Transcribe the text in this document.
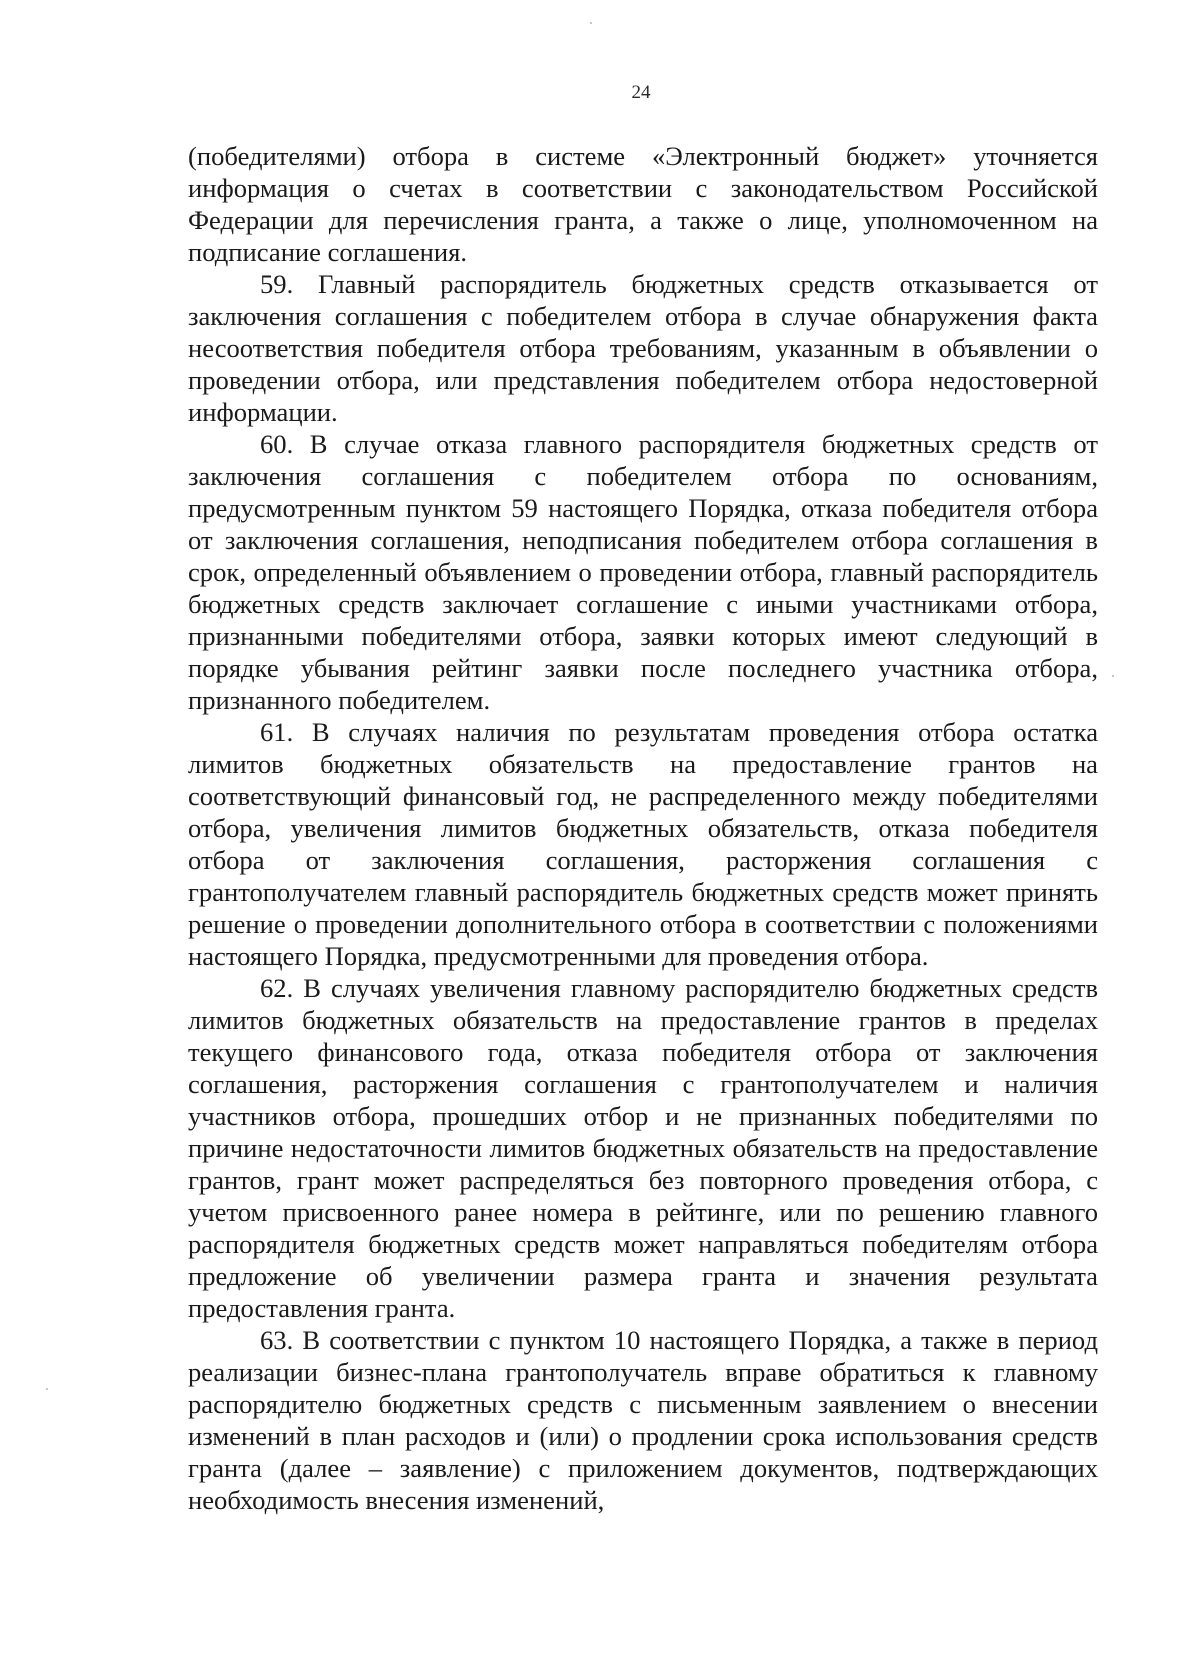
24

(победителями) отбора в системе «Электронный бюджет» уточняется информация о счетах в соответствии с законодательством Российской Федерации для перечисления гранта, а также о лице, уполномоченном на подписание соглашения.

59. Главный распорядитель бюджетных средств отказывается от заключения соглашения с победителем отбора в случае обнаружения факта несоответствия победителя отбора требованиям, указанным в объявлении о проведении отбора, или представления победителем отбора недостоверной информации.

60. В случае отказа главного распорядителя бюджетных средств от заключения соглашения с победителем отбора по основаниям, предусмотренным пунктом 59 настоящего Порядка, отказа победителя отбора от заключения соглашения, неподписания победителем отбора соглашения в срок, определенный объявлением о проведении отбора, главный распорядитель бюджетных средств заключает соглашение с иными участниками отбора, признанными победителями отбора, заявки которых имеют следующий в порядке убывания рейтинг заявки после последнего участника отбора, признанного победителем.

61. В случаях наличия по результатам проведения отбора остатка лимитов бюджетных обязательств на предоставление грантов на соответствующий финансовый год, не распределенного между победителями отбора, увеличения лимитов бюджетных обязательств, отказа победителя отбора от заключения соглашения, расторжения соглашения с грантополучателем главный распорядитель бюджетных средств может принять решение о проведении дополнительного отбора в соответствии с положениями настоящего Порядка, предусмотренными для проведения отбора.

62. В случаях увеличения главному распорядителю бюджетных средств лимитов бюджетных обязательств на предоставление грантов в пределах текущего финансового года, отказа победителя отбора от заключения соглашения, расторжения соглашения с грантополучателем и наличия участников отбора, прошедших отбор и не признанных победителями по причине недостаточности лимитов бюджетных обязательств на предоставление грантов, грант может распределяться без повторного проведения отбора, с учетом присвоенного ранее номера в рейтинге, или по решению главного распорядителя бюджетных средств может направляться победителям отбора предложение об увеличении размера гранта и значения результата предоставления гранта.

63. В соответствии с пунктом 10 настоящего Порядка, а также в период реализации бизнес-плана грантополучатель вправе обратиться к главному распорядителю бюджетных средств с письменным заявлением о внесении изменений в план расходов и (или) о продлении срока использования средств гранта (далее – заявление) с приложением документов, подтверждающих необходимость внесения изменений,
